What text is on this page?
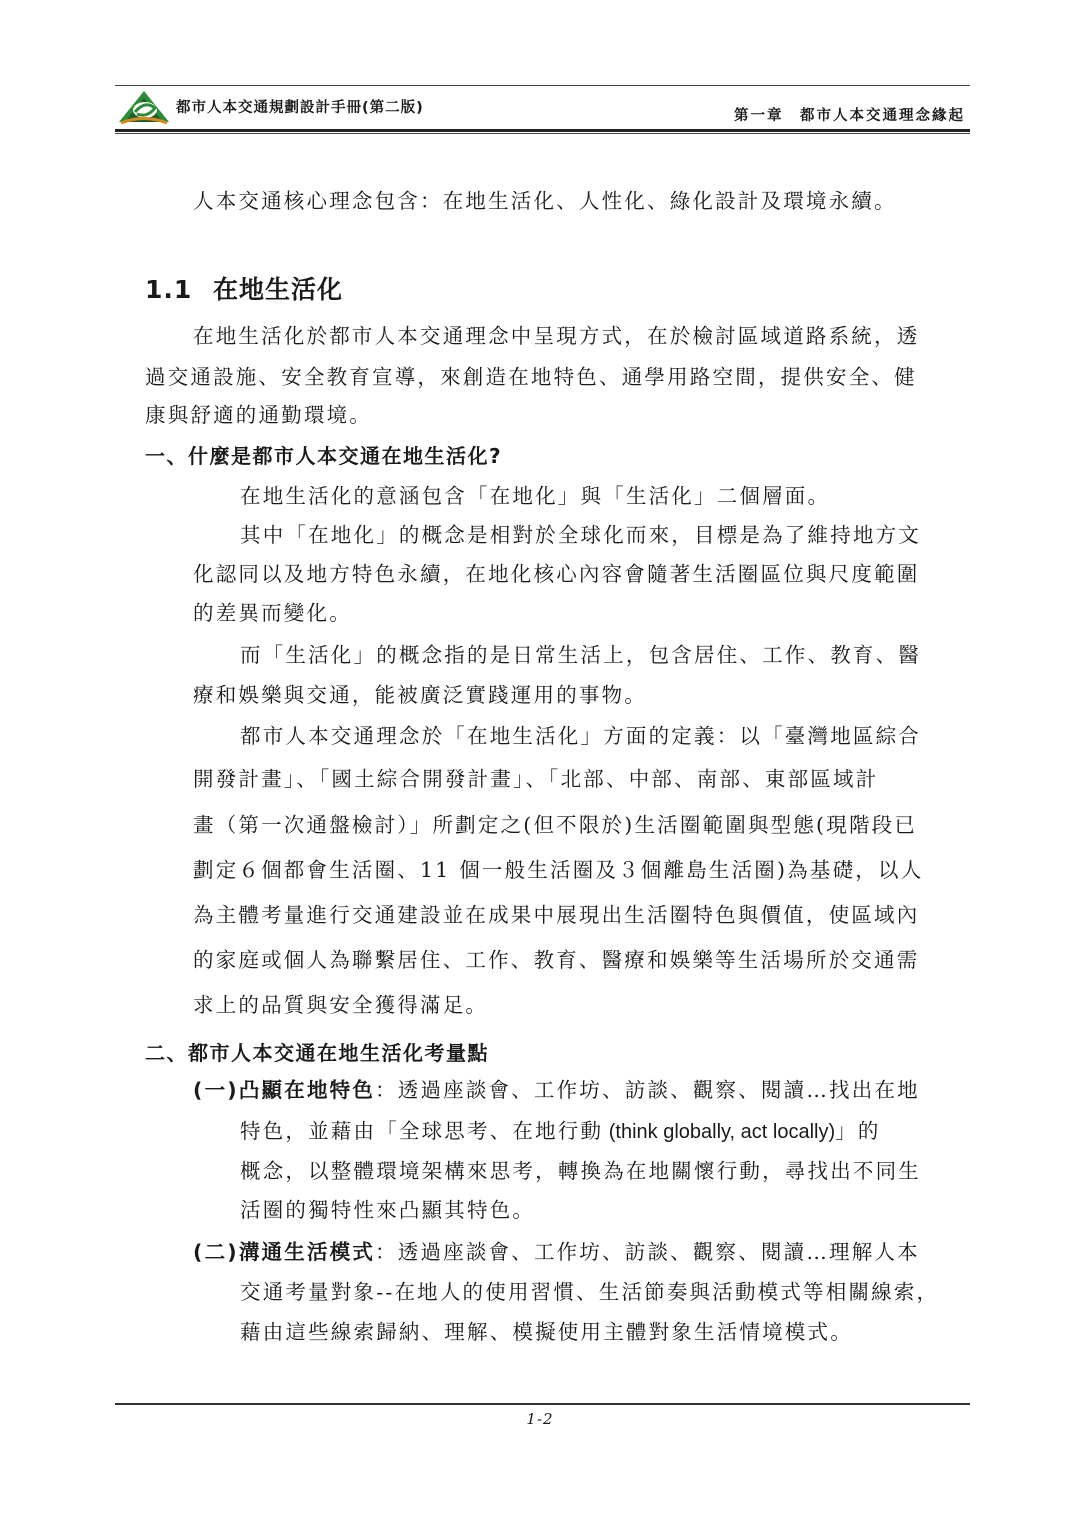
都市人本交通規劃設計手冊(第二版)	第一章　都市人本交通理念緣起
人本交通核心理念包含：在地生活化、人性化、綠化設計及環境永續。
1.1 在地生活化
在地生活化於都市人本交通理念中呈現方式，在於檢討區域道路系統，透
過交通設施、安全教育宣導，來創造在地特色、通學用路空間，提供安全、健
康與舒適的通勤環境。
一、什麼是都市人本交通在地生活化?
在地生活化的意涵包含「在地化」與「生活化」二個層面。
其中「在地化」的概念是相對於全球化而來，目標是為了維持地方文
化認同以及地方特色永續，在地化核心內容會隨著生活圈區位與尺度範圍
的差異而變化。
而「生活化」的概念指的是日常生活上，包含居住、工作、教育、醫
療和娛樂與交通，能被廣泛實踐運用的事物。
都市人本交通理念於「在地生活化」方面的定義：以「臺灣地區綜合
開發計畫」、「國土綜合開發計畫」、「北部、中部、南部、東部區域計
畫（第一次通盤檢討）」所劃定之(但不限於)生活圈範圍與型態(現階段已
劃定６個都會生活圈、11 個一般生活圈及３個離島生活圈)為基礎，以人
為主體考量進行交通建設並在成果中展現出生活圈特色與價值，使區域內
的家庭或個人為聯繫居住、工作、教育、醫療和娛樂等生活場所於交通需
求上的品質與安全獲得滿足。
二、都市人本交通在地生活化考量點
(一)凸顯在地特色：透過座談會、工作坊、訪談、觀察、閱讀…找出在地
特色，並藉由「全球思考、在地行動 (think globally, act locally)」的
概念，以整體環境架構來思考，轉換為在地關懷行動，尋找出不同生
活圈的獨特性來凸顯其特色。
(二)溝通生活模式：透過座談會、工作坊、訪談、觀察、閱讀…理解人本
交通考量對象--在地人的使用習慣、生活節奏與活動模式等相關線索，
藉由這些線索歸納、理解、模擬使用主體對象生活情境模式。
1-2
